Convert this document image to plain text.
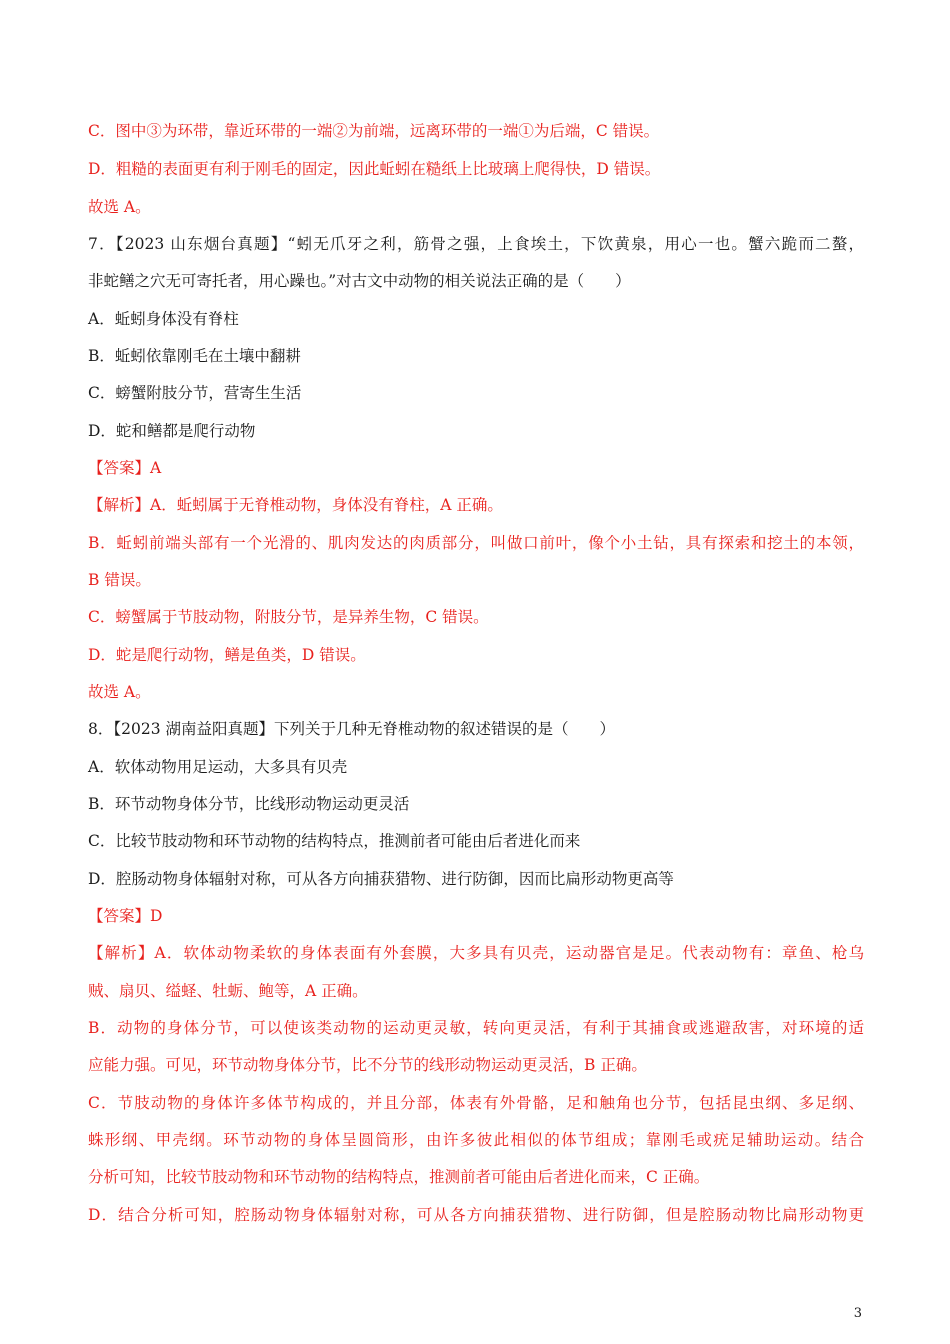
C．图中③为环带，靠近环带的一端②为前端，远离环带的一端①为后端，C 错误。
D．粗糙的表面更有利于刚毛的固定，因此蚯蚓在糙纸上比玻璃上爬得快，D 错误。
故选 A。
7．【2023 山东烟台真题】“蚓无爪牙之利，筋骨之强，上食埃土，下饮黄泉，用心一也。蟹六跪而二螯，
非蛇鳝之穴无可寄托者，用心躁也。”对古文中动物的相关说法正确的是（　　）
A．蚯蚓身体没有脊柱
B．蚯蚓依靠刚毛在土壤中翻耕
C．螃蟹附肢分节，营寄生生活
D．蛇和鳝都是爬行动物
【答案】A
【解析】A．蚯蚓属于无脊椎动物，身体没有脊柱，A 正确。
B．蚯蚓前端头部有一个光滑的、肌肉发达的肉质部分，叫做口前叶，像个小土钻，具有探索和挖土的本领，
B 错误。
C．螃蟹属于节肢动物，附肢分节，是异养生物，C 错误。
D．蛇是爬行动物，鳝是鱼类，D 错误。
故选 A。
8．【2023 湖南益阳真题】下列关于几种无脊椎动物的叙述错误的是（　　）
A．软体动物用足运动，大多具有贝壳
B．环节动物身体分节，比线形动物运动更灵活
C．比较节肢动物和环节动物的结构特点，推测前者可能由后者进化而来
D．腔肠动物身体辐射对称，可从各方向捕获猎物、进行防御，因而比扁形动物更高等
【答案】D
【解析】A．软体动物柔软的身体表面有外套膜，大多具有贝壳，运动器官是足。代表动物有：章鱼、枪乌
贼、扇贝、缢蛏、牡蛎、鲍等，A 正确。
B．动物的身体分节，可以使该类动物的运动更灵敏，转向更灵活，有利于其捕食或逃避敌害，对环境的适
应能力强。可见，环节动物身体分节，比不分节的线形动物运动更灵活，B 正确。
C．节肢动物的身体许多体节构成的，并且分部，体表有外骨骼，足和触角也分节，包括昆虫纲、多足纲、
蛛形纲、甲壳纲。环节动物的身体呈圆筒形，由许多彼此相似的体节组成；靠刚毛或疣足辅助运动。结合
分析可知，比较节肢动物和环节动物的结构特点，推测前者可能由后者进化而来，C 正确。
D．结合分析可知，腔肠动物身体辐射对称，可从各方向捕获猎物、进行防御，但是腔肠动物比扁形动物更
3
